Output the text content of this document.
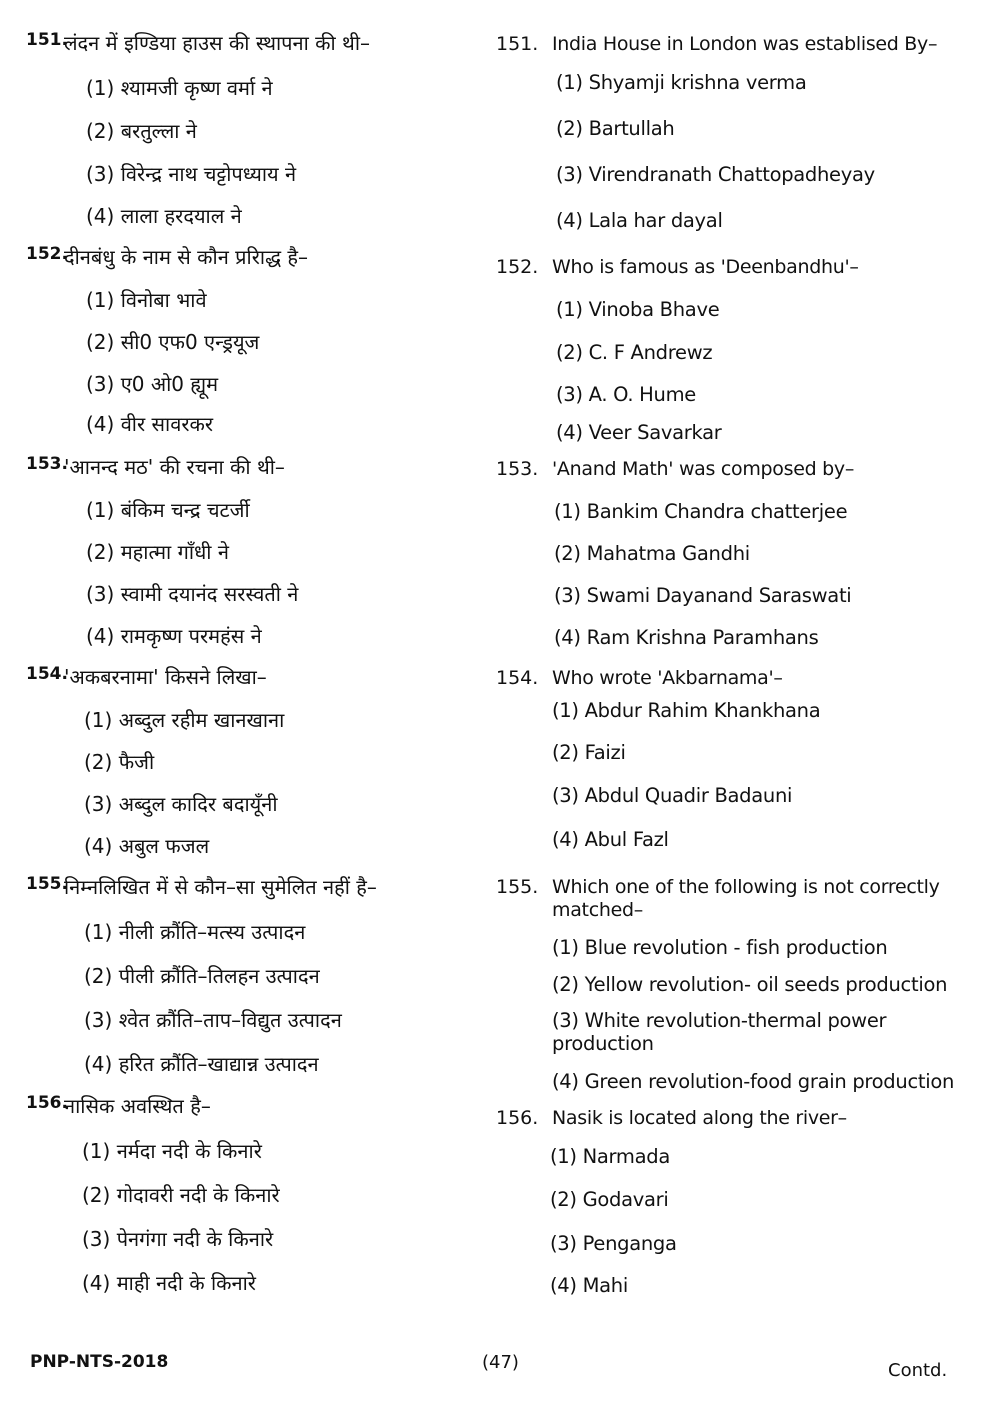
151.
लंदन में इण्डिया हाउस की स्थापना की थी–
(1) श्यामजी कृष्ण वर्मा ने
(2) बरतुल्ला ने
(3) विरेन्द्र नाथ चट्टोपध्याय ने
(4) लाला हरदयाल ने
152.
दीनबंधु के नाम से कौन प्ररिाद्ध है–
(1) विनोबा भावे
(2) सी0 एफ0 एन्ड्रयूज
(3) ए0 ओ0 ह्यूम
(4) वीर सावरकर
153.
'आनन्द मठ' की रचना की थी–
(1) बंकिम चन्द्र चटर्जी
(2) महात्मा गाँधी ने
(3) स्वामी दयानंद सरस्वती ने
(4) रामकृष्ण परमहंस ने
154.
'अकबरनामा' किसने लिखा–
(1) अब्दुल रहीम खानखाना
(2) फैजी
(3) अब्दुल कादिर बदायूँनी
(4) अबुल फजल
155.
निम्नलिखित में से कौन–सा सुमेलित नहीं है–
(1) नीली क्रौंति–मत्स्य उत्पादन
(2) पीली क्रौंति–तिलहन उत्पादन
(3) श्वेत क्रौंति–ताप–विद्युत उत्पादन
(4) हरित क्रौंति–खाद्यान्न उत्पादन
156.
नासिक अवस्थित है–
(1) नर्मदा नदी के किनारे
(2) गोदावरी नदी के किनारे
(3) पेनगंगा नदी के किनारे
(4) माही नदी के किनारे
151. India House in London was establised By–
(1) Shyamji krishna verma
(2) Bartullah
(3) Virendranath Chattopadheyay
(4) Lala har dayal
152. Who is famous as 'Deenbandhu'–
(1) Vinoba Bhave
(2) C. F Andrewz
(3) A. O. Hume
(4) Veer Savarkar
153. 'Anand Math' was composed by–
(1) Bankim Chandra chatterjee
(2) Mahatma Gandhi
(3) Swami Dayanand Saraswati
(4) Ram Krishna Paramhans
154. Who wrote 'Akbarnama'–
(1) Abdur Rahim Khankhana
(2) Faizi
(3) Abdul Quadir Badauni
(4) Abul Fazl
155. Which one of the following is not correctly matched–
(1) Blue revolution - fish production
(2) Yellow revolution- oil seeds production
(3) White revolution-thermal power production
(4) Green revolution-food grain production
156. Nasik is located along the river–
(1) Narmada
(2) Godavari
(3) Penganga
(4) Mahi
PNP-NTS-2018	(47)	Contd.
